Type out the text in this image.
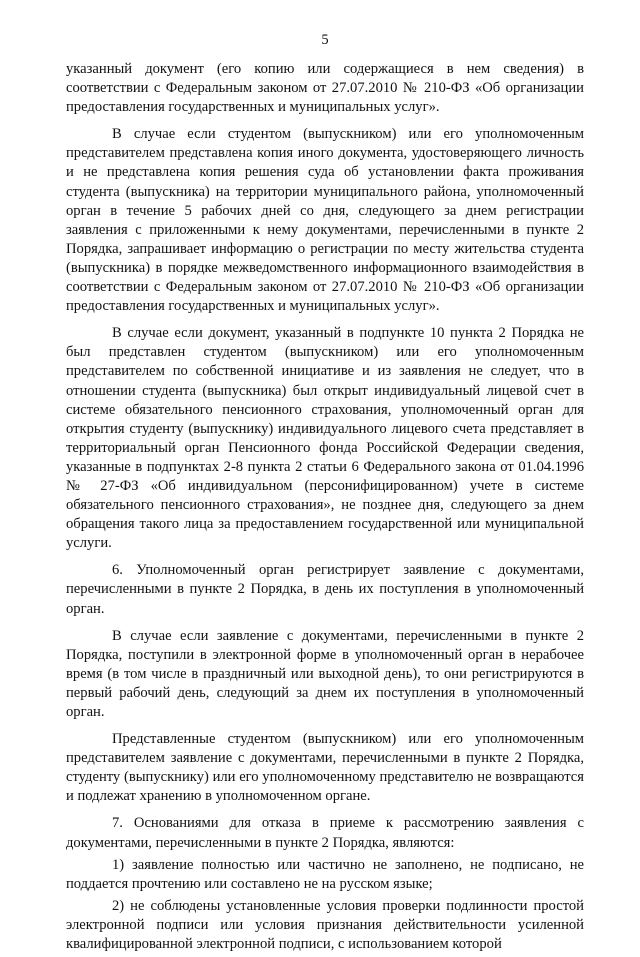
5

указанный документ (его копию или содержащиеся в нем сведения) в соответствии с Федеральным законом от 27.07.2010 № 210-ФЗ «Об организации предоставления государственных и муниципальных услуг».

В случае если студентом (выпускником) или его уполномоченным представителем представлена копия иного документа, удостоверяющего личность и не представлена копия решения суда об установлении факта проживания студента (выпускника) на территории муниципального района, уполномоченный орган в течение 5 рабочих дней со дня, следующего за днем регистрации заявления с приложенными к нему документами, перечисленными в пункте 2 Порядка, запрашивает информацию о регистрации по месту жительства студента (выпускника) в порядке межведомственного информационного взаимодействия в соответствии с Федеральным законом от 27.07.2010 № 210-ФЗ «Об организации предоставления государственных и муниципальных услуг».

В случае если документ, указанный в подпункте 10 пункта 2 Порядка не был представлен студентом (выпускником) или его уполномоченным представителем по собственной инициативе и из заявления не следует, что в отношении студента (выпускника) был открыт индивидуальный лицевой счет в системе обязательного пенсионного страхования, уполномоченный орган для открытия студенту (выпускнику) индивидуального лицевого счета представляет в территориальный орган Пенсионного фонда Российской Федерации сведения, указанные в подпунктах 2-8 пункта 2 статьи 6 Федерального закона от 01.04.1996 № 27-ФЗ «Об индивидуальном (персонифицированном) учете в системе обязательного пенсионного страхования», не позднее дня, следующего за днем обращения такого лица за предоставлением государственной или муниципальной услуги.

6. Уполномоченный орган регистрирует заявление с документами, перечисленными в пункте 2 Порядка, в день их поступления в уполномоченный орган.

В случае если заявление с документами, перечисленными в пункте 2 Порядка, поступили в электронной форме в уполномоченный орган в нерабочее время (в том числе в праздничный или выходной день), то они регистрируются в первый рабочий день, следующий за днем их поступления в уполномоченный орган.

Представленные студентом (выпускником) или его уполномоченным представителем заявление с документами, перечисленными в пункте 2 Порядка, студенту (выпускнику) или его уполномоченному представителю не возвращаются и подлежат хранению в уполномоченном органе.

7. Основаниями для отказа в приеме к рассмотрению заявления с документами, перечисленными в пункте 2 Порядка, являются:

1) заявление полностью или частично не заполнено, не подписано, не поддается прочтению или составлено не на русском языке;

2) не соблюдены установленные условия проверки подлинности простой электронной подписи или условия признания действительности усиленной квалифицированной электронной подписи, с использованием которой
